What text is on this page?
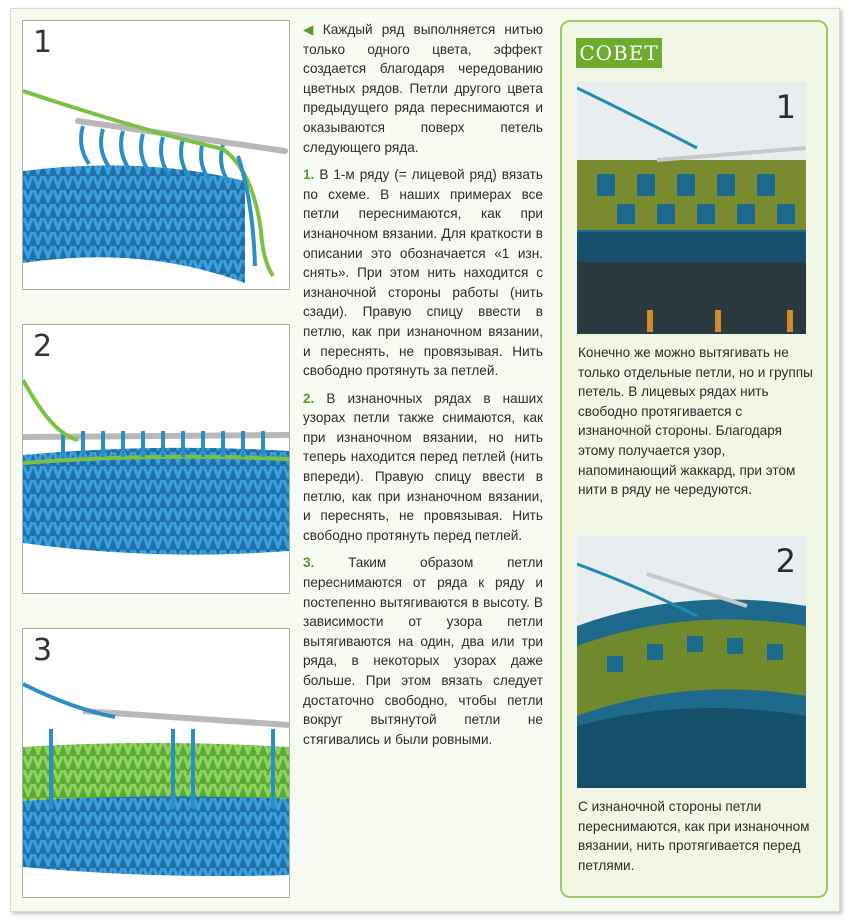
1
2
3

◀ Каждый ряд выполняется нитью только одного цвета, эффект создается благодаря чередованию цветных рядов. Петли другого цвета предыдущего ряда переснимаются и оказываются поверх петель следующего ряда.

1. В 1-м ряду (= лицевой ряд) вязать по схеме. В наших примерах все петли переснимаются, как при изнаночном вязании. Для краткости в описании это обозначается «1 изн. снять». При этом нить находится с изнаночной стороны работы (нить сзади). Правую спицу ввести в петлю, как при изнаночном вязании, и переснять, не провязывая. Нить свободно протянуть за петлей.

2. В изнаночных рядах в наших узорах петли также снимаются, как при изнаночном вязании, но нить теперь находится перед петлей (нить впереди). Правую спицу ввести в петлю, как при изнаночном вязании, и переснять, не провязывая. Нить свободно протянуть перед петлей.

3. Таким образом петли переснимаются от ряда к ряду и постепенно вытягиваются в высоту. В зависимости от узора петли вытягиваются на один, два или три ряда, в некоторых узорах даже больше. При этом вязать следует достаточно свободно, чтобы петли вокруг вытянутой петли не стягивались и были ровными.

СОВЕТ
1

Конечно же можно вытягивать не только отдельные петли, но и группы петель. В лицевых рядах нить свободно протягивается с изнаночной стороны. Благодаря этому получается узор, напоминающий жаккард, при этом нити в ряду не чередуются.

2

С изнаночной стороны петли переснимаются, как при изнаночном вязании, нить протягивается перед петлями.
